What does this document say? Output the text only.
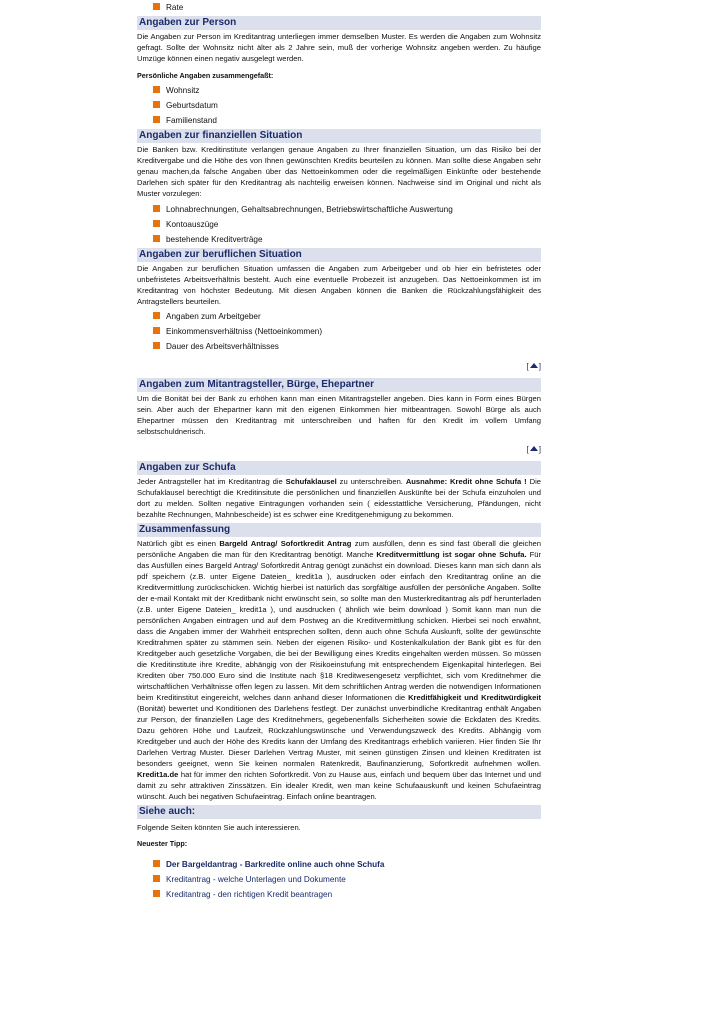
Rate
Angaben zur Person

Die Angaben zur Person im Kreditantrag unterliegen immer demselben Muster. Es werden die Angaben zum Wohnsitz gefragt. Sollte der Wohnsitz nicht älter als 2 Jahre sein, muß der vorherige Wohnsitz angeben werden. Zu häufige Umzüge können einen negativ ausgelegt werden.

Persönliche Angaben zusammengefaßt:

Wohnsitz
Geburtsdatum
Familienstand
Angaben zur finanziellen Situation

Die Banken bzw. Kreditinstitute verlangen genaue Angaben zu Ihrer finanziellen Situation, um das Risiko bei der Kreditvergabe und die Höhe des von Ihnen gewünschten Kredits beurteilen zu können. Man sollte diese Angaben sehr genau machen,da falsche Angaben über das Nettoeinkommen oder die regelmäßigen Einkünfte oder bestehende Darlehen sich später für den Kreditantrag als nachteilig erweisen können. Nachweise sind im Original und nicht als Muster vorzulegen:

Lohnabrechnungen, Gehaltsabrechnungen, Betriebswirtschaftliche Auswertung
Kontoauszüge
bestehende Kreditverträge
Angaben zur beruflichen Situation

Die Angaben zur beruflichen Situation umfassen die Angaben zum Arbeitgeber und ob hier ein befristetes oder unbefristetes Arbeitsverhältnis besteht. Auch eine eventuelle Probezeit ist anzugeben. Das Nettoeinkommen ist im Kreditantrag von höchster Bedeutung. Mit diesen Angaben können die Banken die Rückzahlungsfähigkeit des Antragstellers beurteilen.

Angaben zum Arbeitgeber
Einkommensverhältniss (Nettoeinkommen)
Dauer des Arbeitsverhältnisses
[ ]
Angaben zum Mitantragsteller, Bürge, Ehepartner

Um die Bonität bei der Bank zu erhöhen kann man einen Mitantragsteller angeben. Dies kann in Form eines Bürgen sein. Aber auch der Ehepartner kann mit den eigenen Einkommen hier mitbeantragen. Sowohl Bürge als auch Ehepartner müssen den Kreditantrag mit unterschreiben und haften für den Kredit im vollem Umfang selbstschuldnerisch.

[ ]
Angaben zur Schufa

Jeder Antragsteller hat im Kreditantrag die Schufaklausel zu unterschreiben. Ausnahme: Kredit ohne Schufa ! Die Schufaklausel berechtigt die Kreditinsitute die persönlichen und finanziellen Auskünfte bei der Schufa einzuholen und dort zu melden. Sollten negative Eintragungen vorhanden sein ( eidesstattliche Versicherung, Pfändungen, nicht bezahlte Rechnungen, Mahnbescheide) ist es schwer eine Kreditgenehmigung zu bekommen.

Zusammenfassung

Natürlich gibt es einen Bargeld Antrag/ Sofortkredit Antrag zum ausfüllen, denn es sind fast überall die gleichen persönliche Angaben die man für den Kreditantrag benötigt. Manche Kreditvermittlung ist sogar ohne Schufa. Für das Ausfüllen eines Bargeld Antrag/ Sofortkredit Antrag genügt zunächst ein download. Dieses kann man sich dann als pdf speichern (z.B. unter Eigene Dateien_ kredit1a ), ausdrucken oder einfach den Kreditantrag online an die Kreditvermittlung zurückschicken. Wichtig hierbei ist natürlich das sorgfältige ausfüllen der persönliche Angaben. Sollte der e-mail Kontakt mit der Kreditbank nicht erwünscht sein, so sollte man den Musterkreditantrag als pdf herunterladen (z.B. unter Eigene Dateien_ kredit1a ), und ausdrucken ( ähnlich wie beim download ) Somit kann man nun die persönlichen Angaben eintragen und auf dem Postweg an die Kreditvermittlung schicken. Hierbei sei noch erwähnt, dass die Angaben immer der Wahrheit entsprechen sollten, denn auch ohne Schufa Auskunft, sollte der gewünschte Kreditrahmen später zu stämmen sein. Neben der eigenen Risiko- und Kostenkalkulation der Bank gibt es für den Kreditgeber auch gesetzliche Vorgaben, die bei der Bewilligung eines Kredits eingehalten werden müssen. So müssen die Kreditinstitute ihre Kredite, abhängig von der Risikoeinstufung mit entsprechendem Eigenkapital hinterlegen. Bei Krediten über 750.000 Euro sind die Institute nach §18 Kreditwesengesetz verpflichtet, sich vom Kreditnehmer die wirtschaftlichen Verhältnisse offen legen zu lassen. Mit dem schriftlichen Antrag werden die notwendigen Informationen beim Kreditinstitut eingereicht, welches dann anhand dieser Informationen die Kreditfähigkeit und Kreditwürdigkeit (Bonität) bewertet und Konditionen des Darlehens festlegt. Der zunächst unverbindliche Kreditantrag enthält Angaben zur Person, der finanziellen Lage des Kreditnehmers, gegebenenfalls Sicherheiten sowie die Eckdaten des Kredits. Dazu gehören Höhe und Laufzeit, Rückzahlungswünsche und Verwendungszweck des Kredits. Abhängig vom Kreditgeber und auch der Höhe des Kredits kann der Umfang des Kreditantrags erheblich variieren. Hier finden Sie Ihr Darlehen Vertrag Muster. Dieser Darlehen Vertrag Muster, mit seinen günstigen Zinsen und kleinen Kreditraten ist besonders geeignet, wenn Sie keinen normalen Ratenkredit, Baufinanzierung, Sofortkredit aufnehmen wollen. Kredit1a.de hat für immer den richten Sofortkredit. Von zu Hause aus, einfach und bequem über das Internet und und damit zu sehr attraktiven Zinssätzen. Ein idealer Kredit, wen man keine Schufaauskunft und keinen Schufaeintrag wünscht. Auch bei negativen Schufaeintrag. Einfach online beantragen.

Siehe auch:

Folgende Seiten könnten Sie auch interessieren.

Neuester Tipp:

Der Bargeldantrag - Barkredite online auch ohne Schufa
Kreditantrag - welche Unterlagen und Dokumente
Kreditantrag - den richtigen Kredit beantragen
